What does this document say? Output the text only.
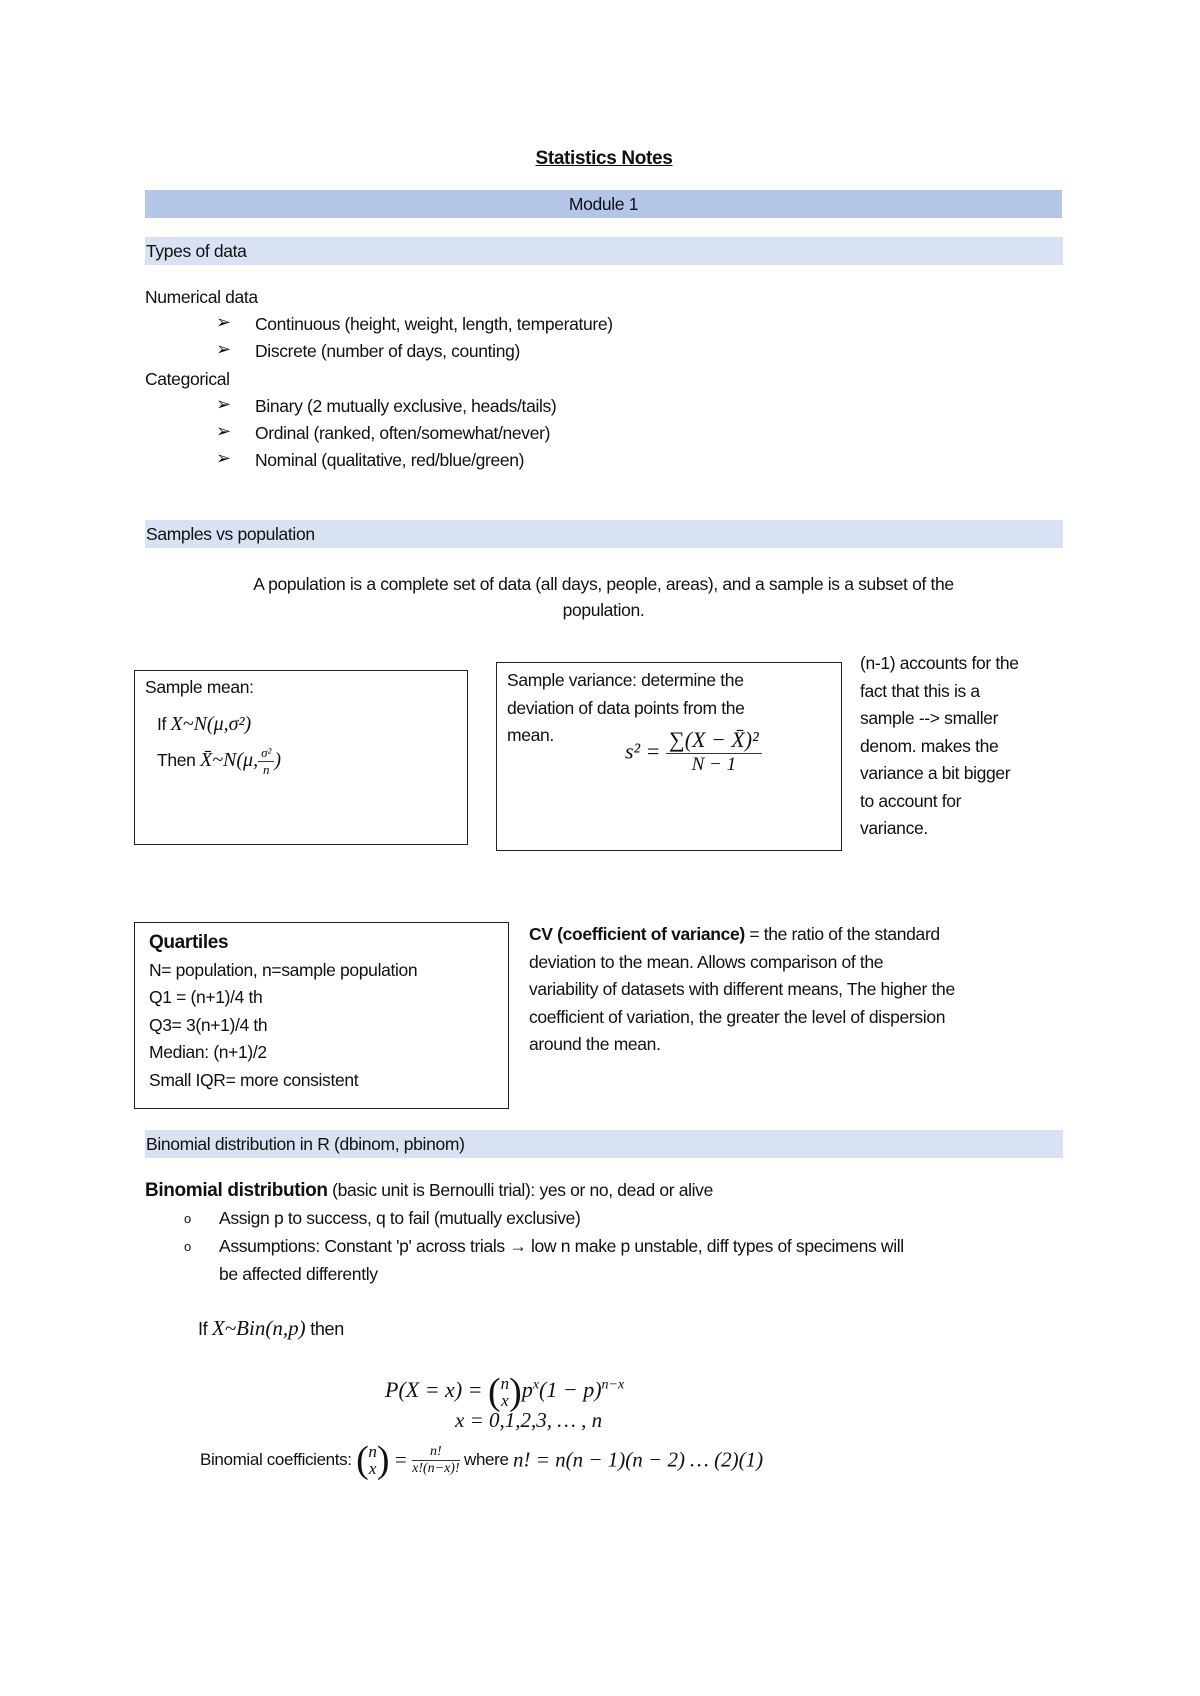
Statistics Notes
Module 1
Types of data
Numerical data
➢ Continuous (height, weight, length, temperature)
➢ Discrete (number of days, counting)
Categorical
➢ Binary (2 mutually exclusive, heads/tails)
➢ Ordinal (ranked, often/somewhat/never)
➢ Nominal (qualitative, red/blue/green)
Samples vs population
A population is a complete set of data (all days, people, areas), and a sample is a subset of the
population.
Sample mean:
If X~N(μ,σ²)
Then X̄~N(μ, $\frac{\text{σ²}}{n}$ )
Sample variance: determine the
deviation of data points from the
mean.
$s^2 = \frac{\text{∑(X − X̄)²}}{N - 1}$
(n-1) accounts for the
fact that this is a
sample --> smaller
denom. makes the
variance a bit bigger
to account for
variance.
Quartiles
N= population, n=sample population
Q1 = (n+1)/4 th
Q3= 3(n+1)/4 th
Median: (n+1)/2
Small IQR= more consistent
CV (coefficient of variance) = the ratio of the standard
deviation to the mean. Allows comparison of the
variability of datasets with different means, The higher the
coefficient of variation, the greater the level of dispersion
around the mean.
Binomial distribution in R (dbinom, pbinom)
Binomial distribution (basic unit is Bernoulli trial): yes or no, dead or alive
o Assign p to success, q to fail (mutually exclusive)
o Assumptions: Constant 'p' across trials → low n make p unstable, diff types of specimens will
be affected differently
If X~Bin(n,p) then
P(X = x) = ( n
x )$p^x(1 - p)^{n-x}$
x = 0,1,2,3, … , n
Binomial coefficients: ( n
x ) = $\frac{n!}{x!(n-x)!}$ where n! = n(n − 1)(n − 2) … (2)(1)
